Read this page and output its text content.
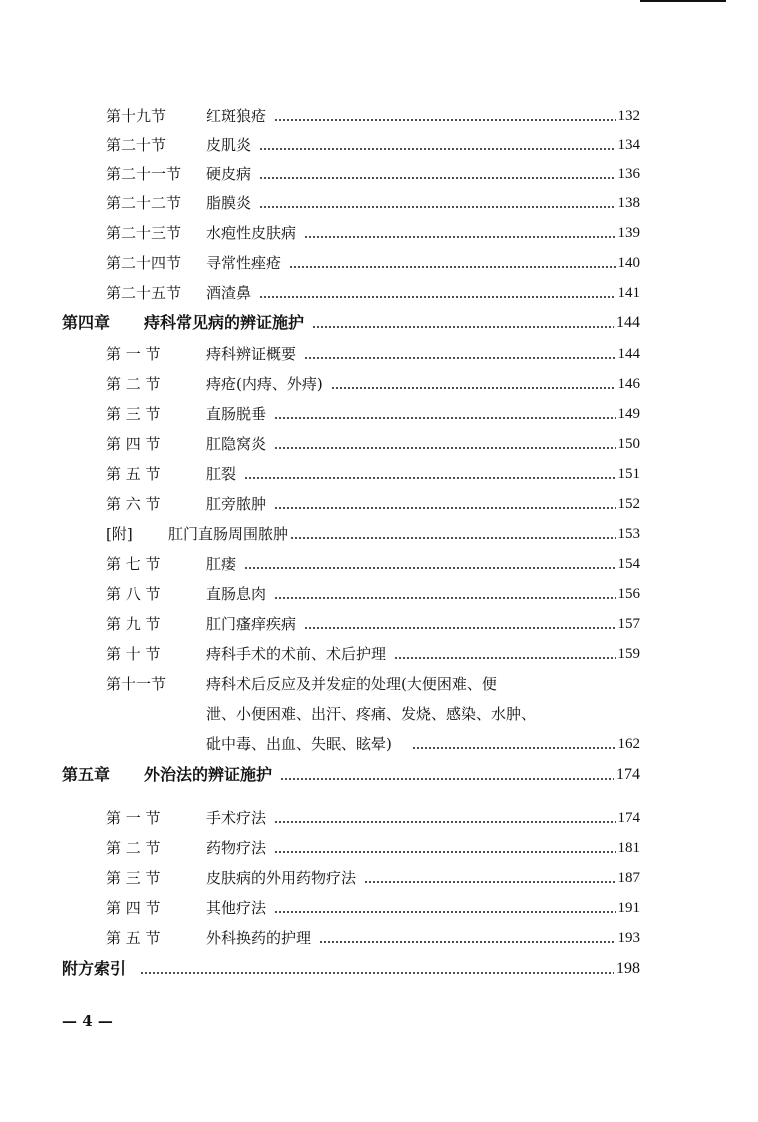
第十九节	红斑狼疮	132
第二十节	皮肌炎	134
第二十一节 硬皮病	136
第二十二节 脂膜炎	138
第二十三节 水疱性皮肤病	139
第二十四节 寻常性痤疮	140
第二十五节 酒渣鼻	141
第四章 痔科常见病的辨证施护	144
第 一 节	痔科辨证概要	144
第 二 节	痔疮(内痔、外痔)	146
第 三 节	直肠脱垂	149
第 四 节	肛隐窝炎	150
第 五 节	肛裂	151
第 六 节	肛旁脓肿	152
[附] 肛门直肠周围脓肿	153
第 七 节	肛瘘	154
第 八 节	直肠息肉	156
第 九 节	肛门瘙痒疾病	157
第 十 节	痔科手术的术前、术后护理	159
第十一节	痔科术后反应及并发症的处理(大便困难、便
泄、小便困难、出汗、疼痛、发烧、感染、水肿、
砒中毒、出血、失眠、眩晕)	162
第五章 外治法的辨证施护	174
第 一 节	手术疗法	174
第 二 节	药物疗法	181
第 三 节	皮肤病的外用药物疗法	187
第 四 节	其他疗法	191
第 五 节	外科换药的护理	193
附方索引	198
— 4 —
